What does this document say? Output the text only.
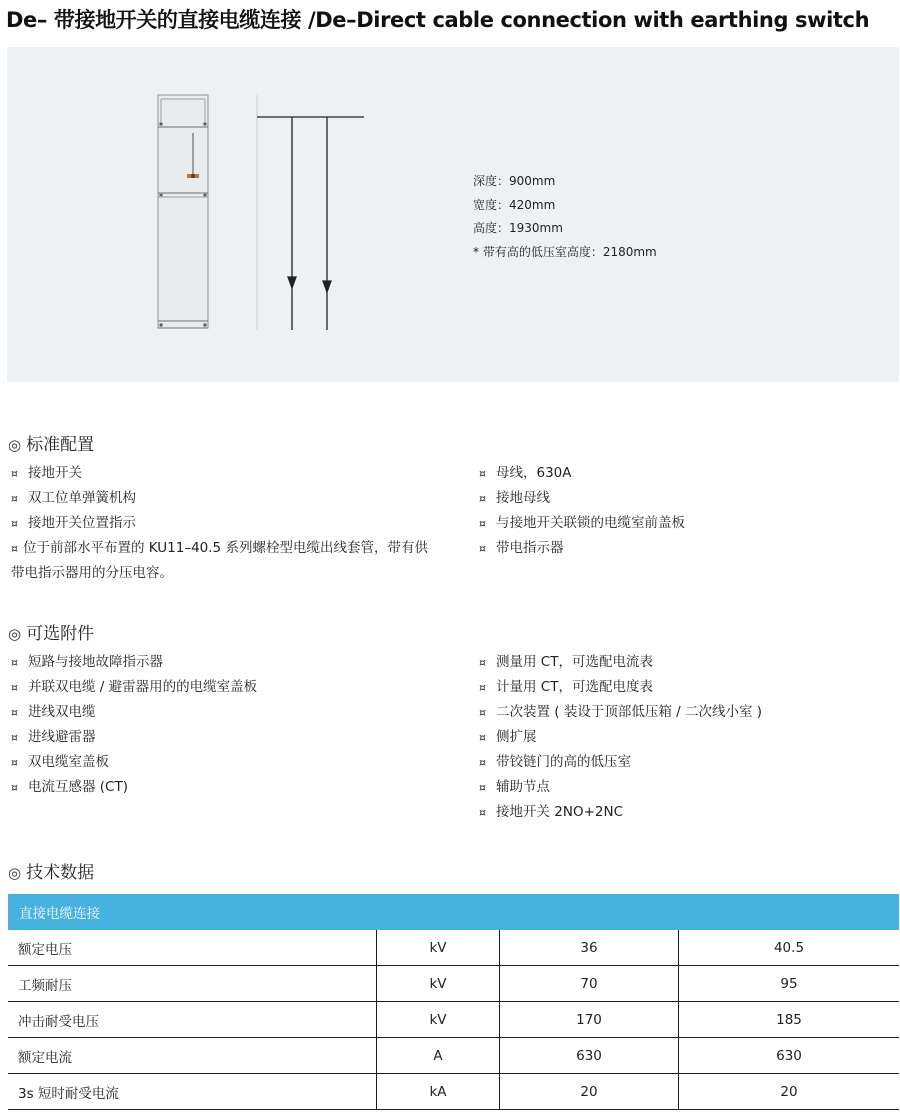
De– 带接地开关的直接电缆连接 /De–Direct cable connection with earthing switch
深度：900mm
宽度：420mm
高度：1930mm
* 带有高的低压室高度：2180mm
◎ 标准配置
¤ 接地开关
¤ 双工位单弹簧机构
¤ 接地开关位置指示
¤ 位于前部水平布置的 KU11–40.5 系列螺栓型电缆出线套管，带有供带电指示器用的分压电容。
¤ 母线，630A
¤ 接地母线
¤ 与接地开关联锁的电缆室前盖板
¤ 带电指示器
◎ 可选附件
¤ 短路与接地故障指示器
¤ 并联双电缆 / 避雷器用的的电缆室盖板
¤ 进线双电缆
¤ 进线避雷器
¤ 双电缆室盖板
¤ 电流互感器 (CT)
¤ 测量用 CT，可选配电流表
¤ 计量用 CT，可选配电度表
¤ 二次装置 ( 装设于顶部低压箱 / 二次线小室 )
¤ 侧扩展
¤ 带铰链门的高的低压室
¤ 辅助节点
¤ 接地开关 2NO+2NC
◎ 技术数据
直接电缆连接			
额定电压	kV	36	40.5
工频耐压	kV	70	95
冲击耐受电压	kV	170	185
额定电流	A	630	630
3s 短时耐受电流	kA	20	20
